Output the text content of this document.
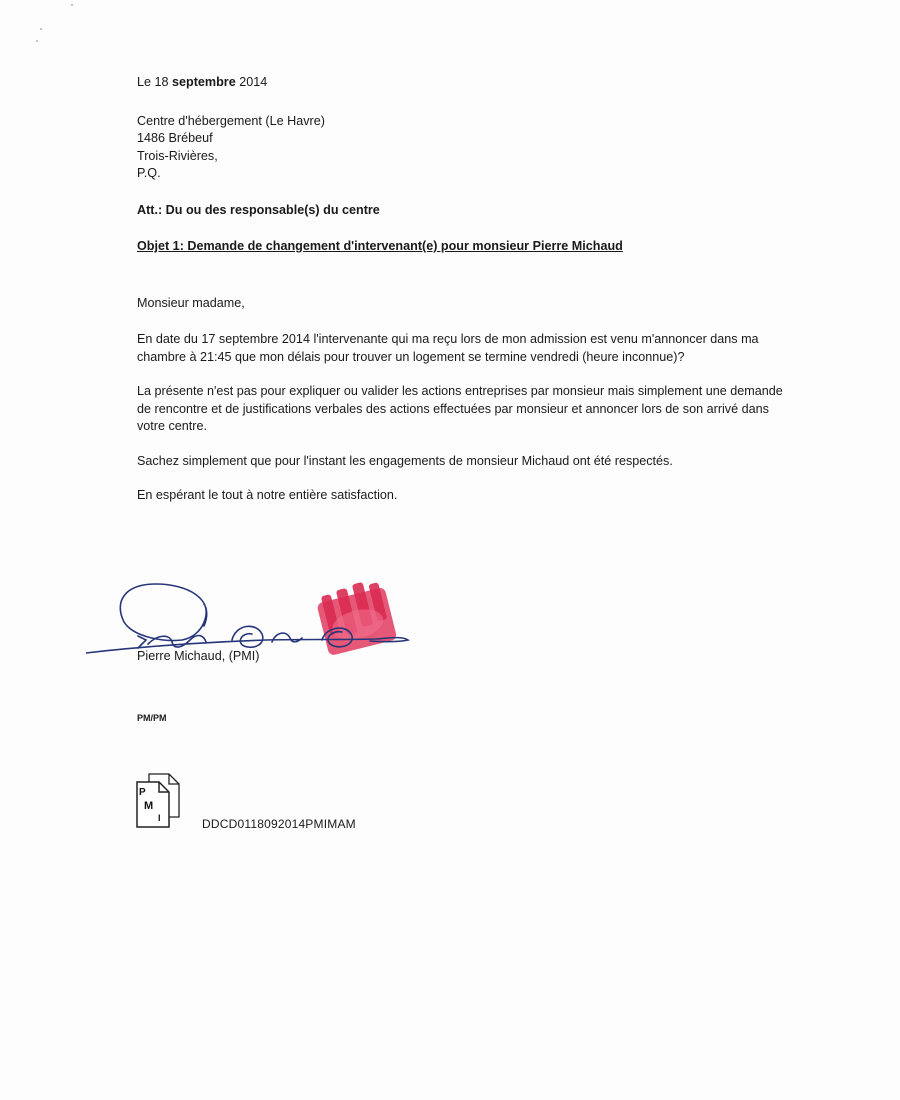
Le 18 septembre 2014

Centre d'hébergement (Le Havre)
1486 Brébeuf
Trois-Rivières,
P.Q.

Att.: Du ou des responsable(s) du centre

Objet 1: Demande de changement d'intervenant(e) pour monsieur Pierre Michaud

Monsieur madame,

En date du 17 septembre 2014 l'intervenante qui ma reçu lors de mon admission est venu m'annoncer dans ma chambre à 21:45 que mon délais pour trouver un logement se termine vendredi (heure inconnue)?

La présente n'est pas pour expliquer ou valider les actions entreprises par monsieur mais simplement une demande de rencontre et de justifications verbales des actions effectuées par monsieur et annoncer lors de son arrivé dans votre centre.

Sachez simplement que pour l'instant les engagements de monsieur Michaud ont été respectés.

En espérant le tout à notre entière satisfaction.

Pierre Michaud, (PMI)
PM/PM
P
M
I	DDCD0118092014PMIMAM
